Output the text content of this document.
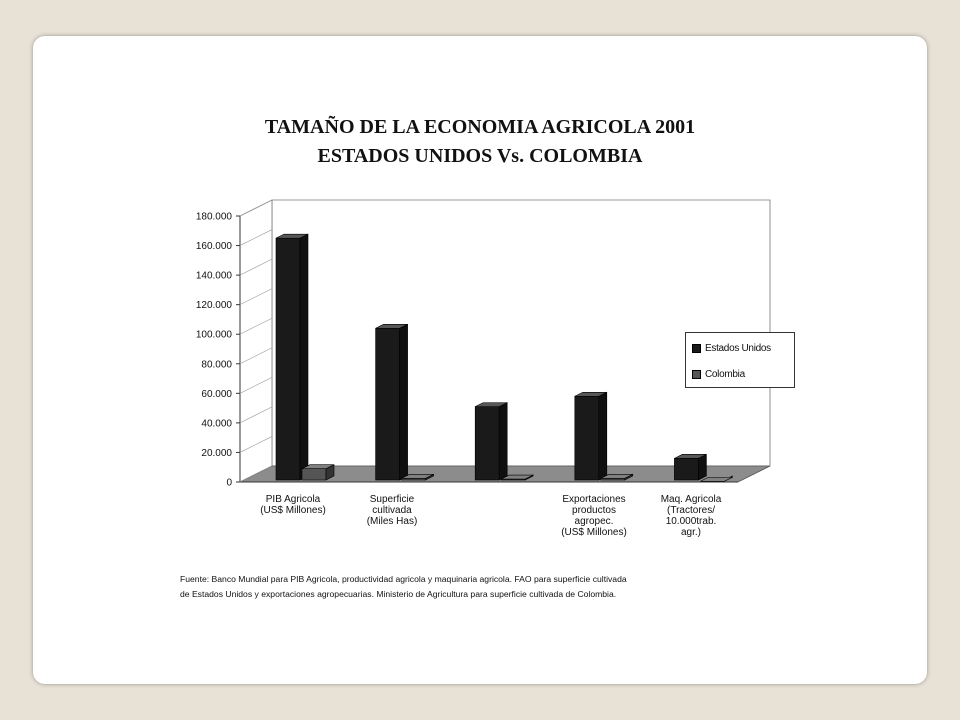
TAMAÑO DE LA ECONOMIA AGRICOLA 2001
ESTADOS UNIDOS Vs. COLOMBIA
0
20.000
40.000
60.000
80.000
100.000
120.000
140.000
160.000
180.000
PIB Agricola
(US$ Millones)
Superficie
cultivada
(Miles Has)
Exportaciones
productos
agropec.
(US$ Millones)
Maq. Agricola
(Tractores/
10.000trab.
agr.)
Estados Unidos
Colombia

Fuente: Banco Mundial para PIB Agricola, productividad agricola y maquinaria agricola. FAO para superficie cultivada

de Estados Unidos y exportaciones agropecuarias. Ministerio de Agricultura para superficie cultivada de Colombia.
